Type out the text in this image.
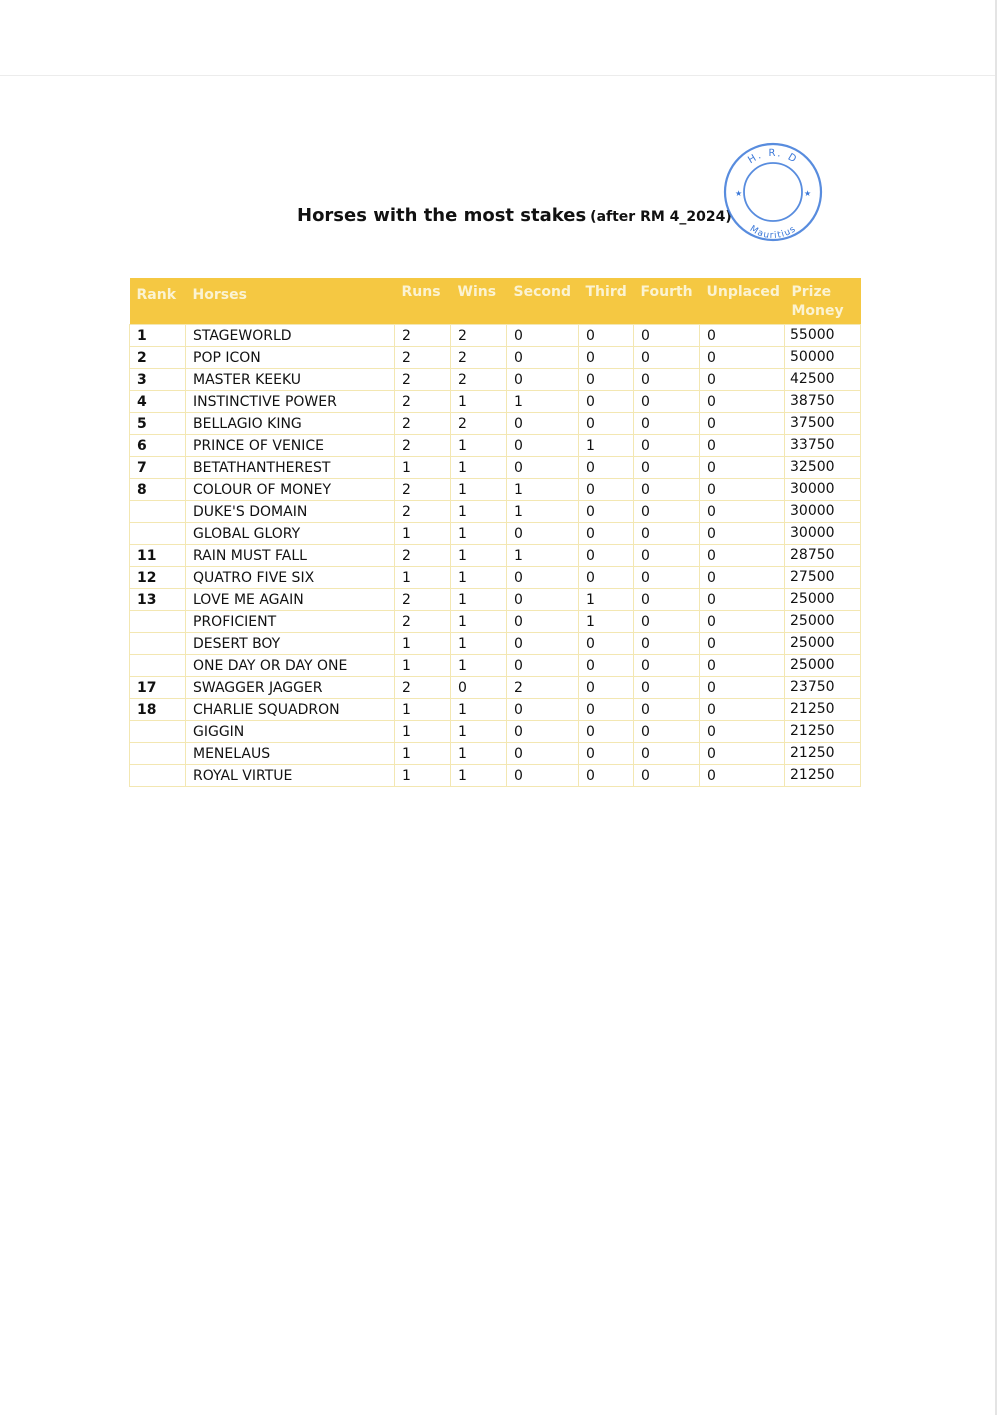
Horses with the most stakes (after RM 4_2024)
H. R. D
Mauritius
★	★
Rank	Horses	Runs	Wins	Second	Third	Fourth	Unplaced	Prize
Money
1	STAGEWORLD	2	2	0	0	0	0	55000
2	POP ICON	2	2	0	0	0	0	50000
3	MASTER KEEKU	2	2	0	0	0	0	42500
4	INSTINCTIVE POWER	2	1	1	0	0	0	38750
5	BELLAGIO KING	2	2	0	0	0	0	37500
6	PRINCE OF VENICE	2	1	0	1	0	0	33750
7	BETATHANTHEREST	1	1	0	0	0	0	32500
8	COLOUR OF MONEY	2	1	1	0	0	0	30000
	DUKE'S DOMAIN	2	1	1	0	0	0	30000
	GLOBAL GLORY	1	1	0	0	0	0	30000
11	RAIN MUST FALL	2	1	1	0	0	0	28750
12	QUATRO FIVE SIX	1	1	0	0	0	0	27500
13	LOVE ME AGAIN	2	1	0	1	0	0	25000
	PROFICIENT	2	1	0	1	0	0	25000
	DESERT BOY	1	1	0	0	0	0	25000
	ONE DAY OR DAY ONE	1	1	0	0	0	0	25000
17	SWAGGER JAGGER	2	0	2	0	0	0	23750
18	CHARLIE SQUADRON	1	1	0	0	0	0	21250
	GIGGIN	1	1	0	0	0	0	21250
	MENELAUS	1	1	0	0	0	0	21250
	ROYAL VIRTUE	1	1	0	0	0	0	21250
